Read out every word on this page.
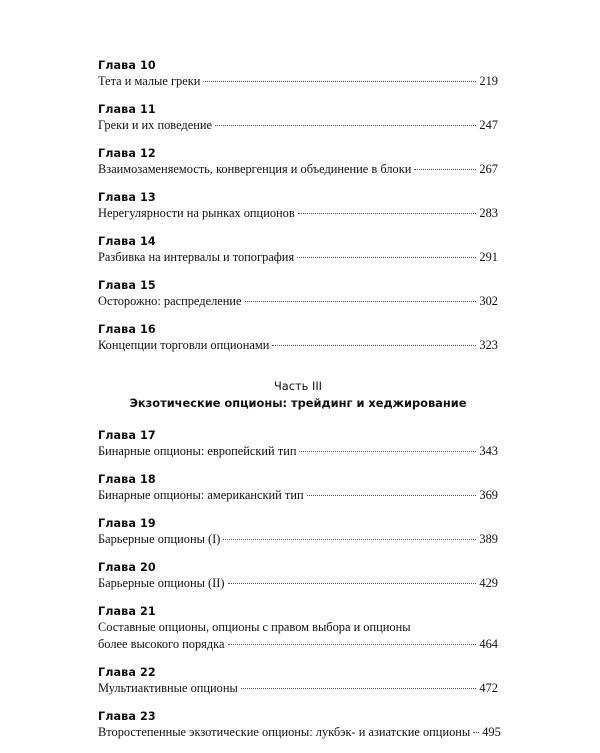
Глава 10
Тета и малые греки	219
Глава 11
Греки и их поведение	247
Глава 12
Взаимозаменяемость, конвергенция и объединение в блоки	267
Глава 13
Нерегулярности на рынках опционов	283
Глава 14
Разбивка на интервалы и топография	291
Глава 15
Осторожно: распределение	302
Глава 16
Концепции торговли опционами	323
Часть III
Экзотические опционы: трейдинг и хеджирование
Глава 17
Бинарные опционы: европейский тип	343
Глава 18
Бинарные опционы: американский тип	369
Глава 19
Барьерные опционы (I)	389
Глава 20
Барьерные опционы (II)	429
Глава 21
Составные опционы, опционы с правом выбора и опционы
более высокого порядка	464
Глава 22
Мультиактивные опционы	472
Глава 23
Второстепенные экзотические опционы: лукбэк- и азиатские опционы 495
